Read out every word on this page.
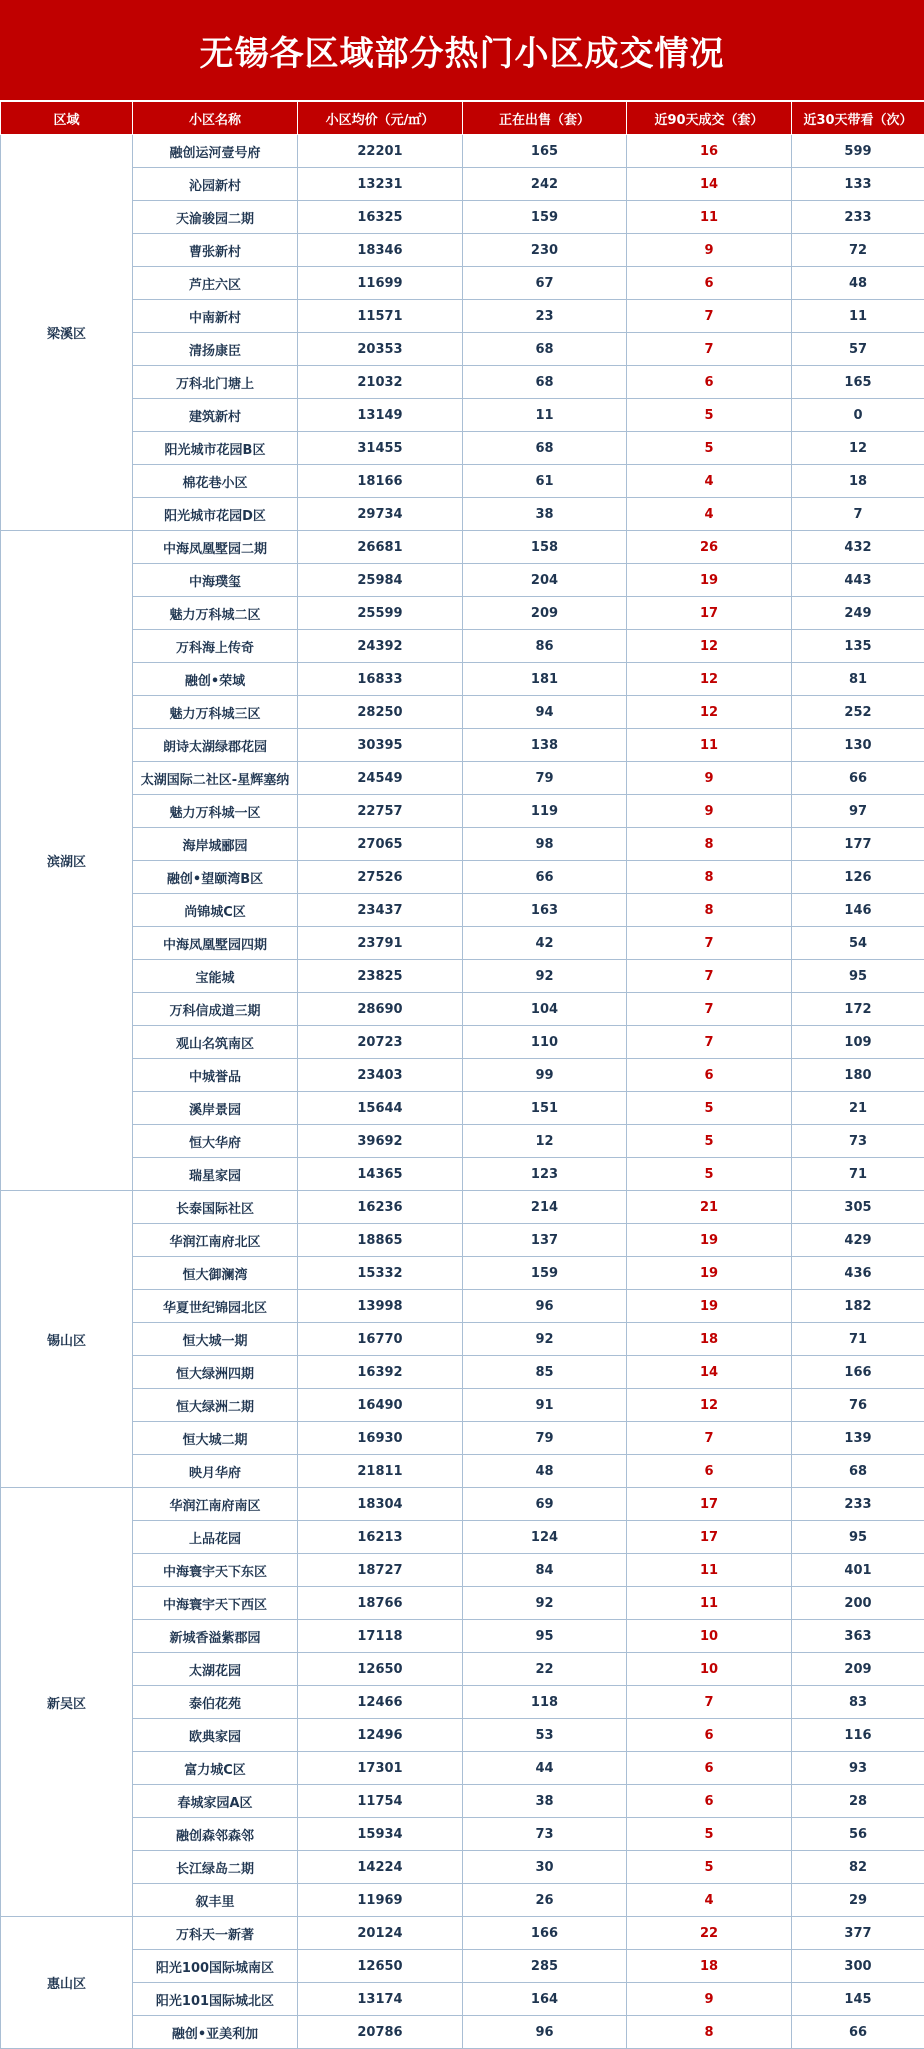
无锡各区域部分热门小区成交情况
区域	小区名称	小区均价（元/㎡）	正在出售（套）	近90天成交（套）	近30天带看（次）
梁溪区	融创运河壹号府	22201	165	16	599
	沁园新村	13231	242	14	133
	天渝骏园二期	16325	159	11	233
	曹张新村	18346	230	9	72
	芦庄六区	11699	67	6	48
	中南新村	11571	23	7	11
	清扬康臣	20353	68	7	57
	万科北门塘上	21032	68	6	165
	建筑新村	13149	11	5	0
	阳光城市花园B区	31455	68	5	12
	棉花巷小区	18166	61	4	18
	阳光城市花园D区	29734	38	4	7
滨湖区	中海凤凰墅园二期	26681	158	26	432
	中海璞玺	25984	204	19	443
	魅力万科城二区	25599	209	17	249
	万科海上传奇	24392	86	12	135
	融创•荣域	16833	181	12	81
	魅力万科城三区	28250	94	12	252
	朗诗太湖绿郡花园	30395	138	11	130
	太湖国际二社区-星辉塞纳	24549	79	9	66
	魅力万科城一区	22757	119	9	97
	海岸城郦园	27065	98	8	177
	融创•望颐湾B区	27526	66	8	126
	尚锦城C区	23437	163	8	146
	中海凤凰墅园四期	23791	42	7	54
	宝能城	23825	92	7	95
	万科信成道三期	28690	104	7	172
	观山名筑南区	20723	110	7	109
	中城誉品	23403	99	6	180
	溪岸景园	15644	151	5	21
	恒大华府	39692	12	5	73
	瑞星家园	14365	123	5	71
锡山区	长泰国际社区	16236	214	21	305
	华润江南府北区	18865	137	19	429
	恒大御澜湾	15332	159	19	436
	华夏世纪锦园北区	13998	96	19	182
	恒大城一期	16770	92	18	71
	恒大绿洲四期	16392	85	14	166
	恒大绿洲二期	16490	91	12	76
	恒大城二期	16930	79	7	139
	映月华府	21811	48	6	68
新吴区	华润江南府南区	18304	69	17	233
	上品花园	16213	124	17	95
	中海寰宇天下东区	18727	84	11	401
	中海寰宇天下西区	18766	92	11	200
	新城香溢紫郡园	17118	95	10	363
	太湖花园	12650	22	10	209
	泰伯花苑	12466	118	7	83
	欧典家园	12496	53	6	116
	富力城C区	17301	44	6	93
	春城家园A区	11754	38	6	28
	融创森邻森邻	15934	73	5	56
	长江绿岛二期	14224	30	5	82
	叙丰里	11969	26	4	29
惠山区	万科天一新著	20124	166	22	377
	阳光100国际城南区	12650	285	18	300
	阳光101国际城北区	13174	164	9	145
	融创•亚美利加	20786	96	8	66
